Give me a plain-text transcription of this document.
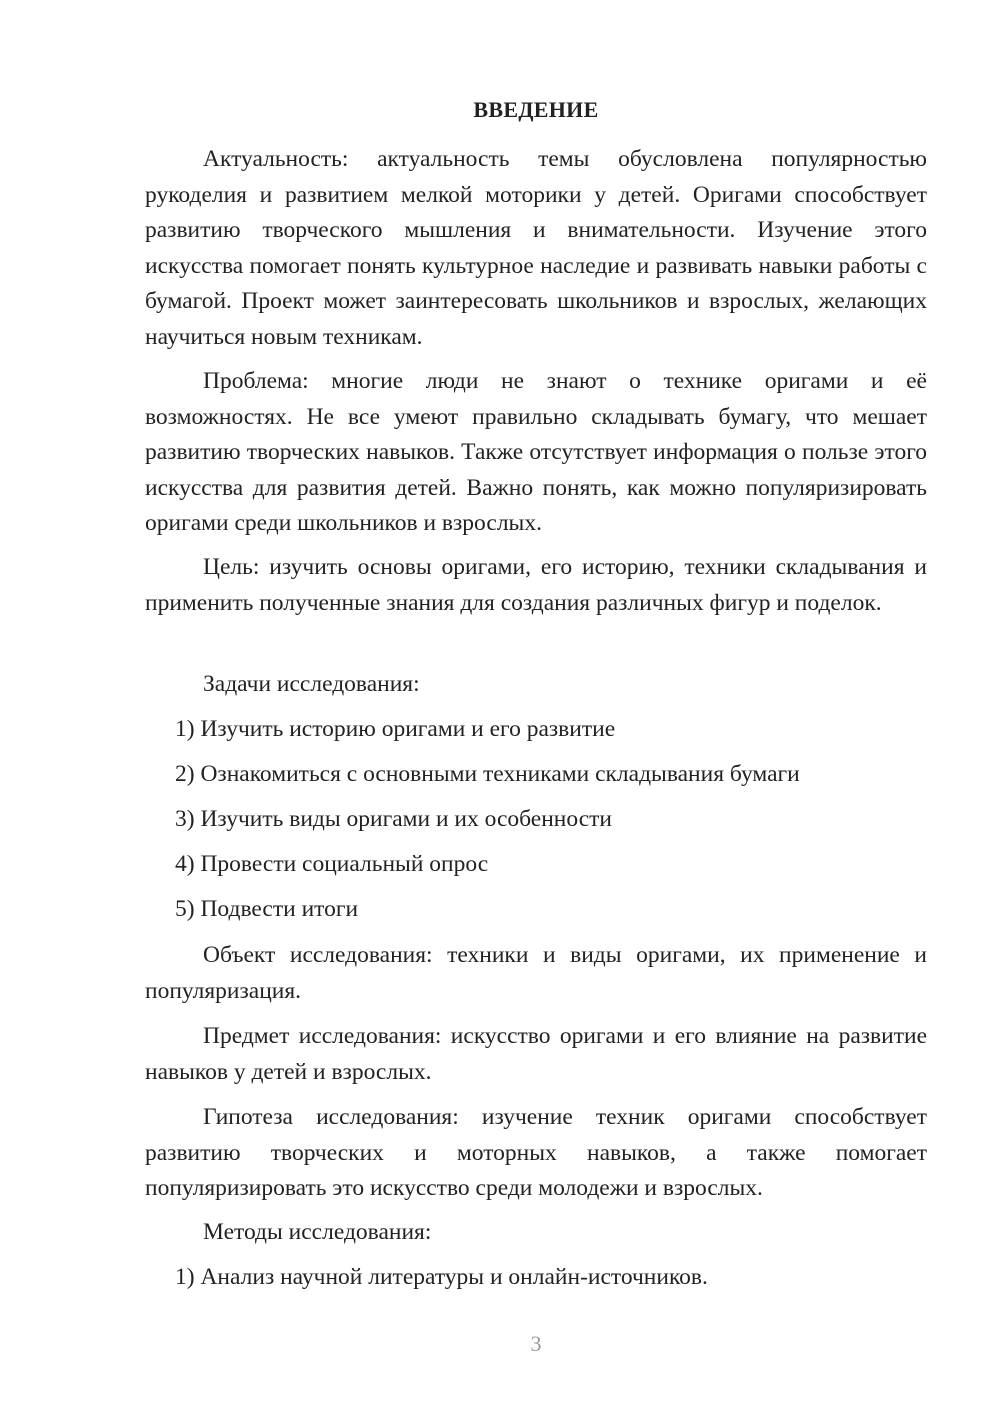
ВВЕДЕНИЕ

Актуальность: актуальность темы обусловлена популярностью рукоделия и развитием мелкой моторики у детей. Оригами способствует развитию творческого мышления и внимательности. Изучение этого искусства помогает понять культурное наследие и развивать навыки работы с бумагой. Проект может заинтересовать школьников и взрослых, желающих научиться новым техникам.

Проблема: многие люди не знают о технике оригами и её возможностях. Не все умеют правильно складывать бумагу, что мешает развитию творческих навыков. Также отсутствует информация о пользе этого искусства для развития детей. Важно понять, как можно популяризировать оригами среди школьников и взрослых.

Цель: изучить основы оригами, его историю, техники складывания и применить полученные знания для создания различных фигур и поделок.

Задачи исследования:

1) Изучить историю оригами и его развитие

2) Ознакомиться с основными техниками складывания бумаги

3) Изучить виды оригами и их особенности

4) Провести социальный опрос

5) Подвести итоги

Объект исследования: техники и виды оригами, их применение и популяризация.

Предмет исследования: искусство оригами и его влияние на развитие навыков у детей и взрослых.

Гипотеза исследования: изучение техник оригами способствует развитию творческих и моторных навыков, а также помогает популяризировать это искусство среди молодежи и взрослых.

Методы исследования:

1) Анализ научной литературы и онлайн-источников.

3
